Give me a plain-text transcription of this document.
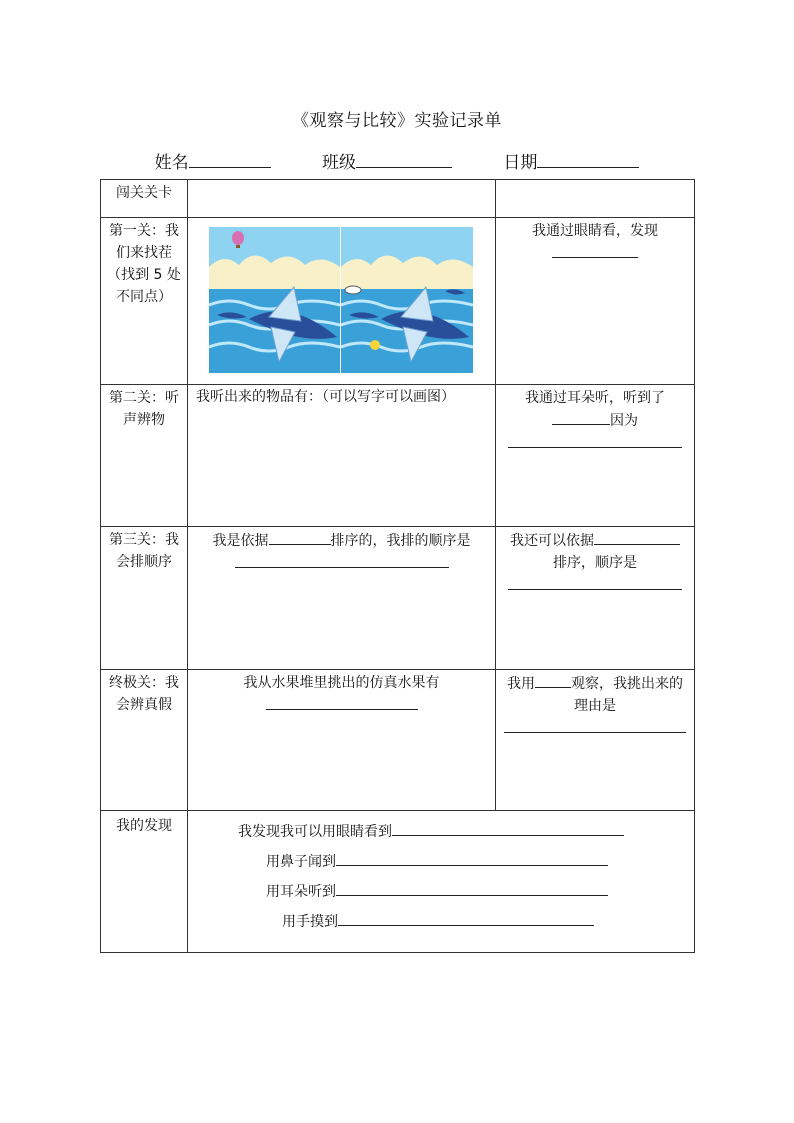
《观察与比较》实验记录单
姓名	班级	日期
闯关关卡		
第一关：我们来找茬（找到 5 处不同点）		我通过眼睛看，发现

第二关：听声辨物	我听出来的物品有：（可以写字可以画图）	我通过耳朵听，听到了
因为

第三关：我会排顺序	我是依据 排序的，我排的顺序是	我还可以依据
排序，顺序是

终极关：我会辨真假	我从水果堆里挑出的仿真水果有	我用 观察，我挑出来的理由是

我的发现	我发现我可以用眼睛看到
用鼻子闻到
用耳朵听到
用手摸到	
